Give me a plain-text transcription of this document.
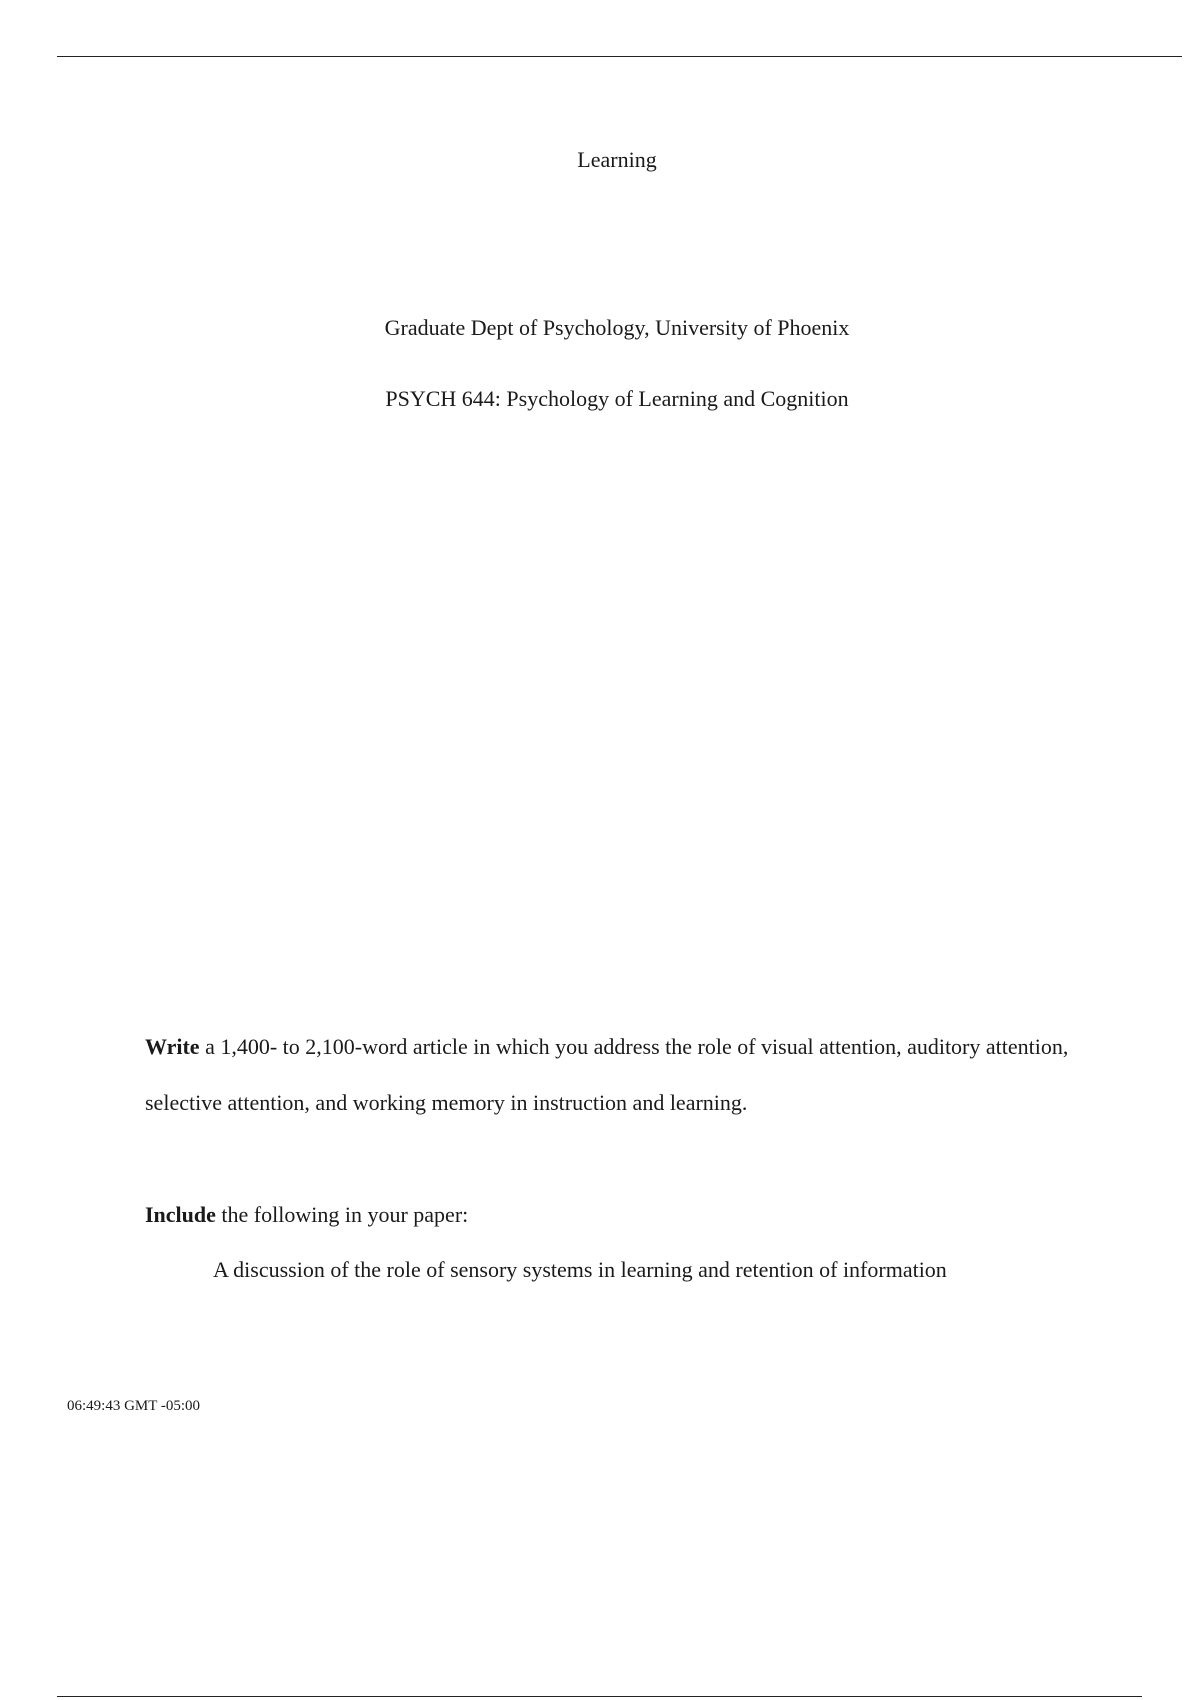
Learning
Graduate Dept of Psychology, University of Phoenix
PSYCH 644: Psychology of Learning and Cognition
Write a 1,400- to 2,100-word article in which you address the role of visual attention, auditory attention, selective attention, and working memory in instruction and learning.
Include the following in your paper:
A discussion of the role of sensory systems in learning and retention of information
06:49:43 GMT -05:00
